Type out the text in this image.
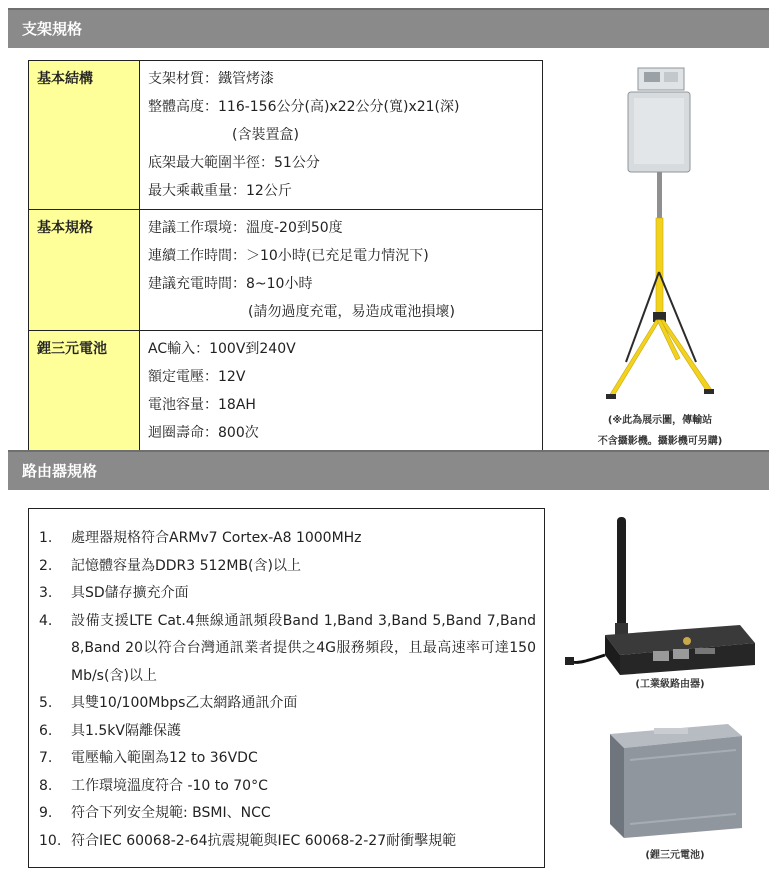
支架規格
基本結構	支架材質：鐵管烤漆
整體高度：116-156公分(高)x22公分(寬)x21(深)
(含裝置盒)
底架最大範圍半徑：51公分
最大乘載重量：12公斤

基本規格	建議工作環境：溫度-20到50度
連續工作時間：＞10小時(已充足電力情況下)
建議充電時間：8~10小時
(請勿過度充電，易造成電池損壞)

鋰三元電池	AC輸入：100V到240V
額定電壓：12V
電池容量：18AH
迴圈壽命：800次
(※此為展示圖，傳輸站
不含攝影機。攝影機可另購)
路由器規格
1.	處理器規格符合ARMv7 Cortex-A8 1000MHz
2.	記憶體容量為DDR3 512MB(含)以上
3.	具SD儲存擴充介面
4.	設備支援LTE Cat.4無線通訊頻段Band 1,Band 3,Band 5,Band 7,Band 8,Band 20以符合台灣通訊業者提供之4G服務頻段，且最高速率可達150 Mb/s(含)以上
5.	具雙10/100Mbps乙太網路通訊介面
6.	具1.5kV隔離保護
7.	電壓輸入範圍為12 to 36VDC
8.	工作環境溫度符合 -10 to 70°C
9.	符合下列安全規範: BSMI、NCC
10. 符合IEC 60068-2-64抗震規範與IEC 60068-2-27耐衝擊規範
(工業級路由器)
(鋰三元電池)
